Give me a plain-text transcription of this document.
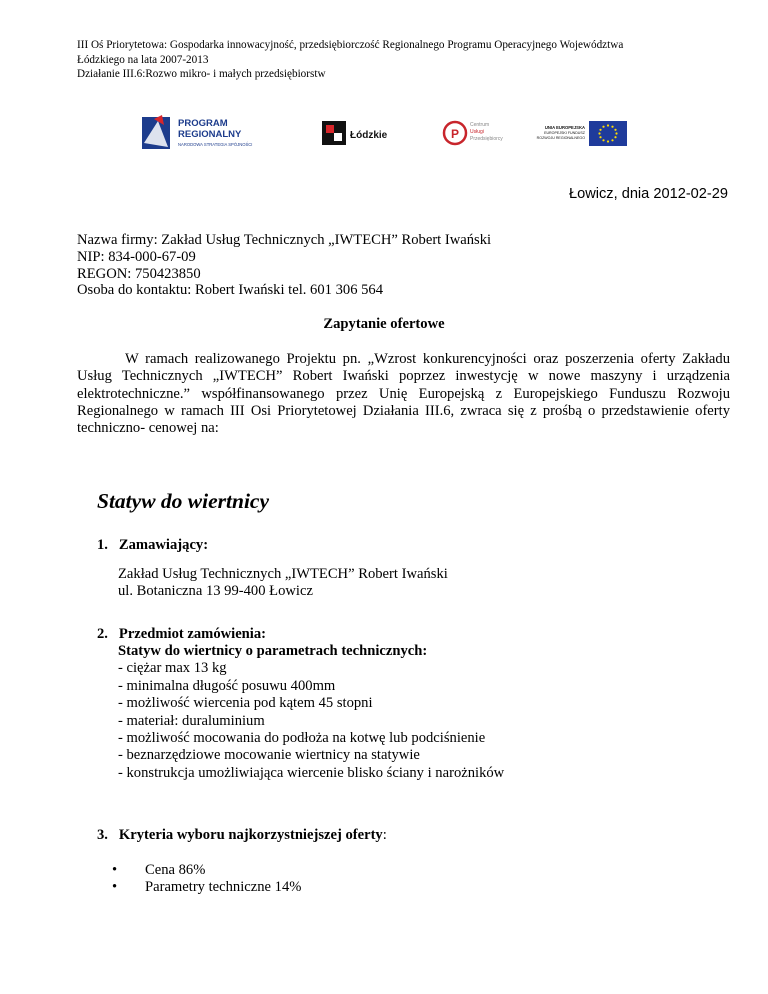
III Oś Priorytetowa: Gospodarka innowacyjność, przedsiębiorczość Regionalnego Programu Operacyjnego Województwa
Łódzkiego na lata 2007-2013
Działanie III.6:Rozwo mikro- i małych przedsiębiorstw
PROGRAM
REGIONALNY
NARODOWA STRATEGIA SPÓJNOŚCI
Łódzkie	P
Centrum
Usługi
Przedsiębiorcy
UNIA EUROPEJSKA
EUROPEJSKI FUNDUSZ
ROZWOJU REGIONALNEGO
Łowicz, dnia 2012-02-29
Nazwa firmy: Zakład Usług Technicznych „IWTECH” Robert Iwański
NIP: 834-000-67-09
REGON: 750423850
Osoba do kontaktu: Robert Iwański tel. 601 306 564
Zapytanie ofertowe
W ramach realizowanego Projektu pn. „Wzrost konkurencyjności oraz poszerzenia oferty Zakładu Usług Technicznych „IWTECH” Robert Iwański poprzez inwestycję w nowe maszyny i urządzenia elektrotechniczne.” współfinansowanego przez Unię Europejską z Europejskiego Funduszu Rozwoju Regionalnego w ramach III Osi Priorytetowej Działania III.6, zwraca się z prośbą o przedstawienie oferty techniczno- cenowej na:
Statyw do wiertnicy
1. Zamawiający:
Zakład Usług Technicznych „IWTECH” Robert Iwański
ul. Botaniczna 13 99-400 Łowicz
2. Przedmiot zamówienia:
Statyw do wiertnicy o parametrach technicznych:
- ciężar max 13 kg
- minimalna długość posuwu 400mm
- możliwość wiercenia pod kątem 45 stopni
- materiał: duraluminium
- możliwość mocowania do podłoża na kotwę lub podciśnienie
- beznarzędziowe mocowanie wiertnicy na statywie
- konstrukcja umożliwiająca wiercenie blisko ściany i narożników
3. Kryteria wyboru najkorzystniejszej oferty:
•	Cena 86%
•	Parametry techniczne 14%
